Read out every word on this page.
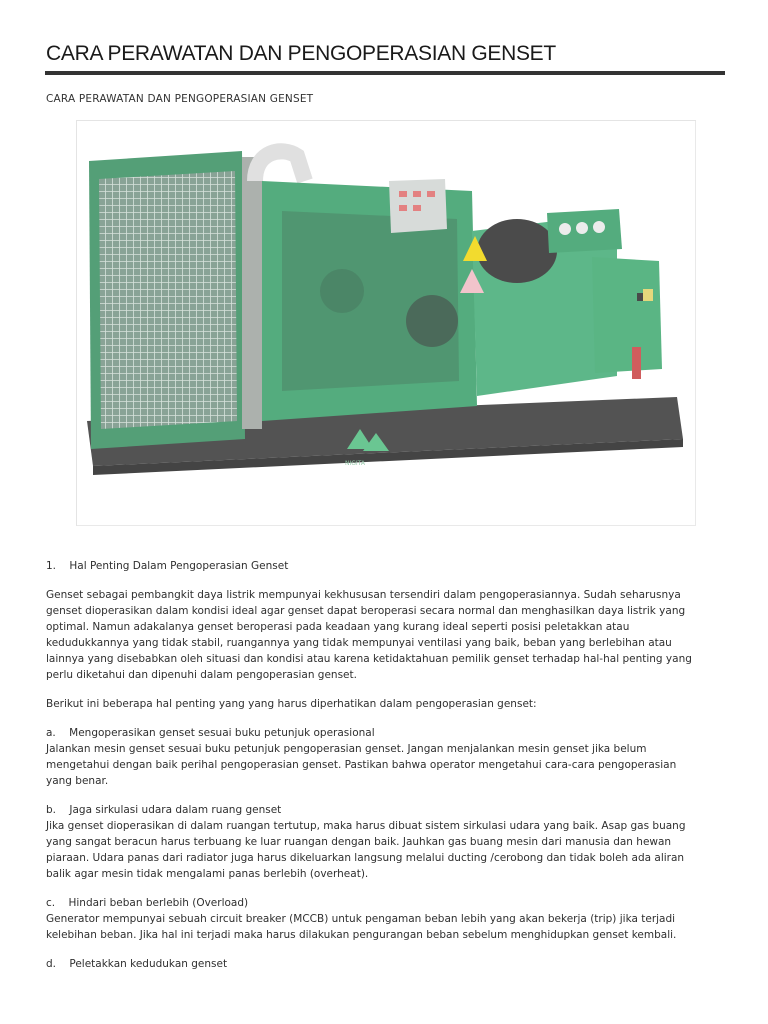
CARA PERAWATAN DAN PENGOPERASIAN GENSET
CARA PERAWATAN DAN PENGOPERASIAN GENSET
NIGITA

1. Hal Penting Dalam Pengoperasian Genset

Genset sebagai pembangkit daya listrik mempunyai kekhususan tersendiri dalam pengoperasiannya. Sudah seharusnya

genset dioperasikan dalam kondisi ideal agar genset dapat beroperasi secara normal dan menghasilkan daya listrik yang

optimal. Namun adakalanya genset beroperasi pada keadaan yang kurang ideal seperti posisi peletakkan atau

kedudukkannya yang tidak stabil, ruangannya yang tidak mempunyai ventilasi yang baik, beban yang berlebihan atau

lainnya yang disebabkan oleh situasi dan kondisi atau karena ketidaktahuan pemilik genset terhadap hal-hal penting yang

perlu diketahui dan dipenuhi dalam pengoperasian genset.

Berikut ini beberapa hal penting yang yang harus diperhatikan dalam pengoperasian genset:

a. Mengoperasikan genset sesuai buku petunjuk operasional

Jalankan mesin genset sesuai buku petunjuk pengoperasian genset. Jangan menjalankan mesin genset jika belum

mengetahui dengan baik perihal pengoperasian genset. Pastikan bahwa operator mengetahui cara-cara pengoperasian

yang benar.

b. Jaga sirkulasi udara dalam ruang genset

Jika genset dioperasikan di dalam ruangan tertutup, maka harus dibuat sistem sirkulasi udara yang baik. Asap gas buang

yang sangat beracun harus terbuang ke luar ruangan dengan baik. Jauhkan gas buang mesin dari manusia dan hewan

piaraan. Udara panas dari radiator juga harus dikeluarkan langsung melalui ducting /cerobong dan tidak boleh ada aliran

balik agar mesin tidak mengalami panas berlebih (overheat).

c. Hindari beban berlebih (Overload)

Generator mempunyai sebuah circuit breaker (MCCB) untuk pengaman beban lebih yang akan bekerja (trip) jika terjadi

kelebihan beban. Jika hal ini terjadi maka harus dilakukan pengurangan beban sebelum menghidupkan genset kembali.

d. Peletakkan kedudukan genset
